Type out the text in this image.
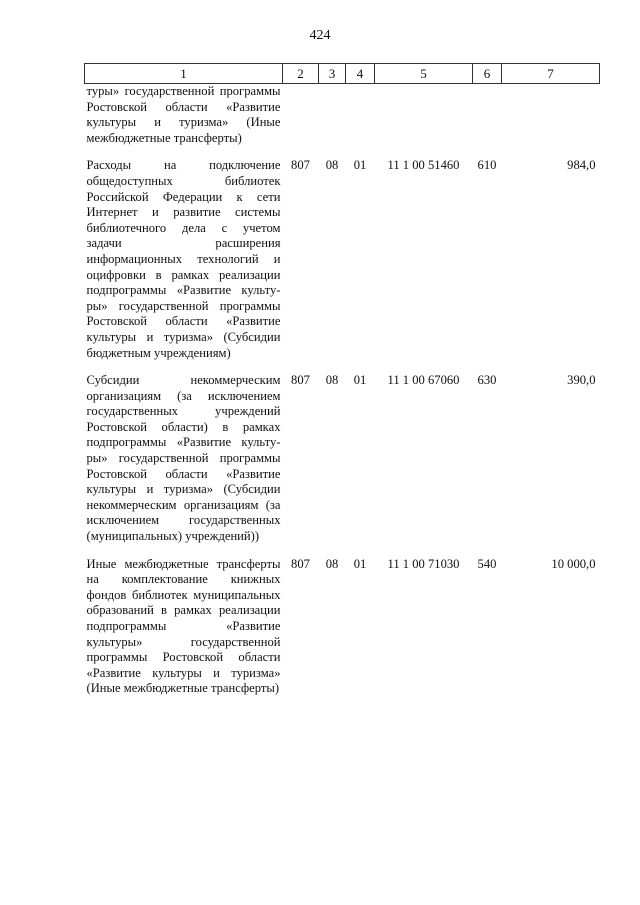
424
1	2	3	4	5	6	7
туры» государственной программы Ростовской области «Развитие культуры и туризма» (Иные межбюджетные трансферты)						
Расходы на подключение общедоступных библиотек Российской Федерации к сети Интернет и развитие системы библиотечного дела с учетом задачи расширения информационных технологий и оцифровки в рамках реализации подпрограммы «Развитие культуры» государственной программы Ростовской области «Развитие культуры и туризма» (Субсидии бюджетным учреждениям)	807	08	01	11 1 00 51460	610	984,0
Субсидии некоммерческим организациям (за исключением государственных учреждений Ростовской области) в рамках подпрограммы «Развитие культуры» государственной программы Ростовской области «Развитие культуры и туризма» (Субсидии некоммерческим организациям (за исключением государственных (муниципальных) учреждений))	807	08	01	11 1 00 67060	630	390,0
Иные межбюджетные трансферты на комплектование книжных фондов библиотек муниципальных образований в рамках реализации подпрограммы «Развитие культуры» государственной программы Ростовской области «Развитие культуры и туризма» (Иные межбюджетные трансферты)	807	08	01	11 1 00 71030	540	10 000,0
